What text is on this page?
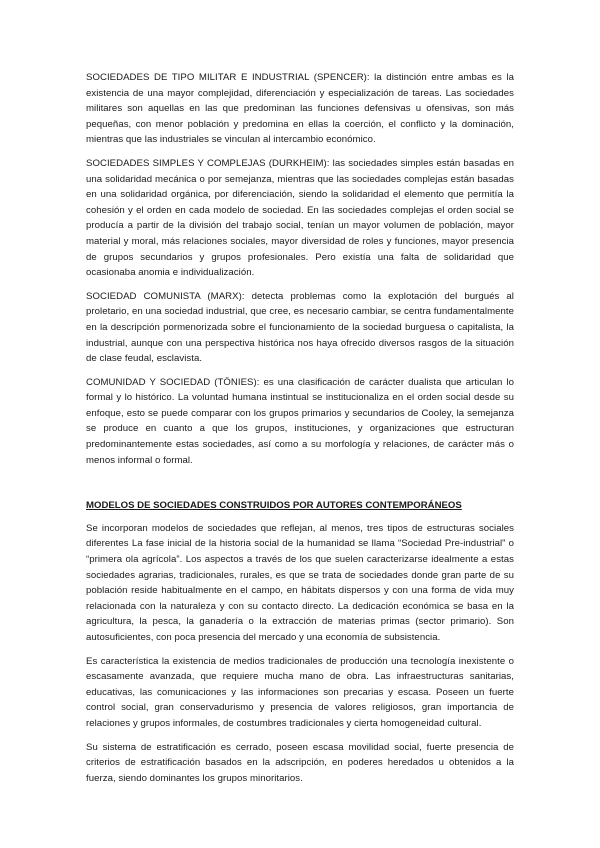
SOCIEDADES DE TIPO MILITAR E INDUSTRIAL (SPENCER): la distinción entre ambas es la existencia de una mayor complejidad, diferenciación y especialización de tareas. Las sociedades militares son aquellas en las que predominan las funciones defensivas u ofensivas, son más pequeñas, con menor población y predomina en ellas la coerción, el conflicto y la dominación, mientras que las industriales se vinculan al intercambio económico.

SOCIEDADES SIMPLES Y COMPLEJAS (DURKHEIM): las sociedades simples están basadas en una solidaridad mecánica o por semejanza, mientras que las sociedades complejas están basadas en una solidaridad orgánica, por diferenciación, siendo la solidaridad el elemento que permitía la cohesión y el orden en cada modelo de sociedad. En las sociedades complejas el orden social se producía a partir de la división del trabajo social, tenían un mayor volumen de población, mayor material y moral, más relaciones sociales, mayor diversidad de roles y funciones, mayor presencia de grupos secundarios y grupos profesionales. Pero existía una falta de solidaridad que ocasionaba anomia e individualización.

SOCIEDAD COMUNISTA (MARX): detecta problemas como la explotación del burgués al proletario, en una sociedad industrial, que cree, es necesario cambiar, se centra fundamentalmente en la descripción pormenorizada sobre el funcionamiento de la sociedad burguesa o capitalista, la industrial, aunque con una perspectiva histórica nos haya ofrecido diversos rasgos de la situación de clase feudal, esclavista.

COMUNIDAD Y SOCIEDAD (TÖNIES): es una clasificación de carácter dualista que articulan lo formal y lo histórico. La voluntad humana instintual se institucionaliza en el orden social desde su enfoque, esto se puede comparar con los grupos primarios y secundarios de Cooley, la semejanza se produce en cuanto a que los grupos, instituciones, y organizaciones que estructuran predominantemente estas sociedades, así como a su morfología y relaciones, de carácter más o menos informal o formal.

MODELOS DE SOCIEDADES CONSTRUIDOS POR AUTORES CONTEMPORÁNEOS

Se incorporan modelos de sociedades que reflejan, al menos, tres tipos de estructuras sociales diferentes La fase inicial de la historia social de la humanidad se llama “Sociedad Pre-industrial” o “primera ola agrícola”. Los aspectos a través de los que suelen caracterizarse idealmente a estas sociedades agrarias, tradicionales, rurales, es que se trata de sociedades donde gran parte de su población reside habitualmente en el campo, en hábitats dispersos y con una forma de vida muy relacionada con la naturaleza y con su contacto directo. La dedicación económica se basa en la agricultura, la pesca, la ganadería o la extracción de materias primas (sector primario). Son autosuficientes, con poca presencia del mercado y una economía de subsistencia.

Es característica la existencia de medios tradicionales de producción una tecnología inexistente o escasamente avanzada, que requiere mucha mano de obra. Las infraestructuras sanitarias, educativas, las comunicaciones y las informaciones son precarias y escasa. Poseen un fuerte control social, gran conservadurismo y presencia de valores religiosos, gran importancia de relaciones y grupos informales, de costumbres tradicionales y cierta homogeneidad cultural.

Su sistema de estratificación es cerrado, poseen escasa movilidad social, fuerte presencia de criterios de estratificación basados en la adscripción, en poderes heredados u obtenidos a la fuerza, siendo dominantes los grupos minoritarios.
